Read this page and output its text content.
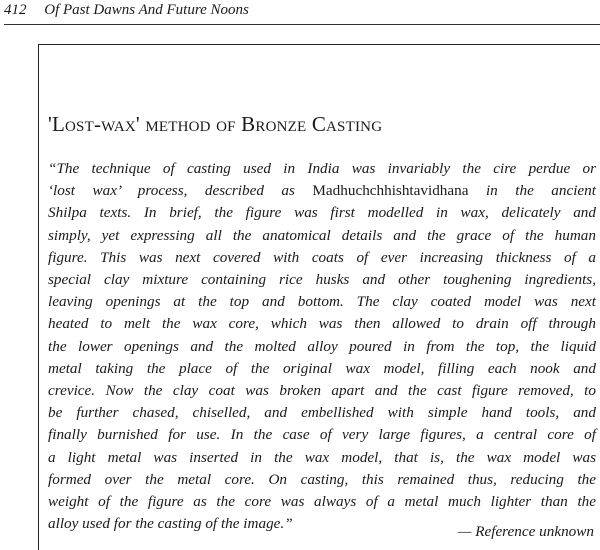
412 Of Past Dawns And Future Noons
'Lost-wax' method of Bronze Casting
“The technique of casting used in India was invariably the cire perdue or
‘lost wax’ process, described as Madhuchchhishtavidhana in the ancient
Shilpa texts. In brief, the figure was first modelled in wax, delicately and
simply, yet expressing all the anatomical details and the grace of the human
figure. This was next covered with coats of ever increasing thickness of a
special clay mixture containing rice husks and other toughening ingredients,
leaving openings at the top and bottom. The clay coated model was next
heated to melt the wax core, which was then allowed to drain off through
the lower openings and the molted alloy poured in from the top, the liquid
metal taking the place of the original wax model, filling each nook and
crevice. Now the clay coat was broken apart and the cast figure removed, to
be further chased, chiselled, and embellished with simple hand tools, and
finally burnished for use. In the case of very large figures, a central core of
a light metal was inserted in the wax model, that is, the wax model was
formed over the metal core. On casting, this remained thus, reducing the
weight of the figure as the core was always of a metal much lighter than the
alloy used for the casting of the image.”	— Reference unknown
